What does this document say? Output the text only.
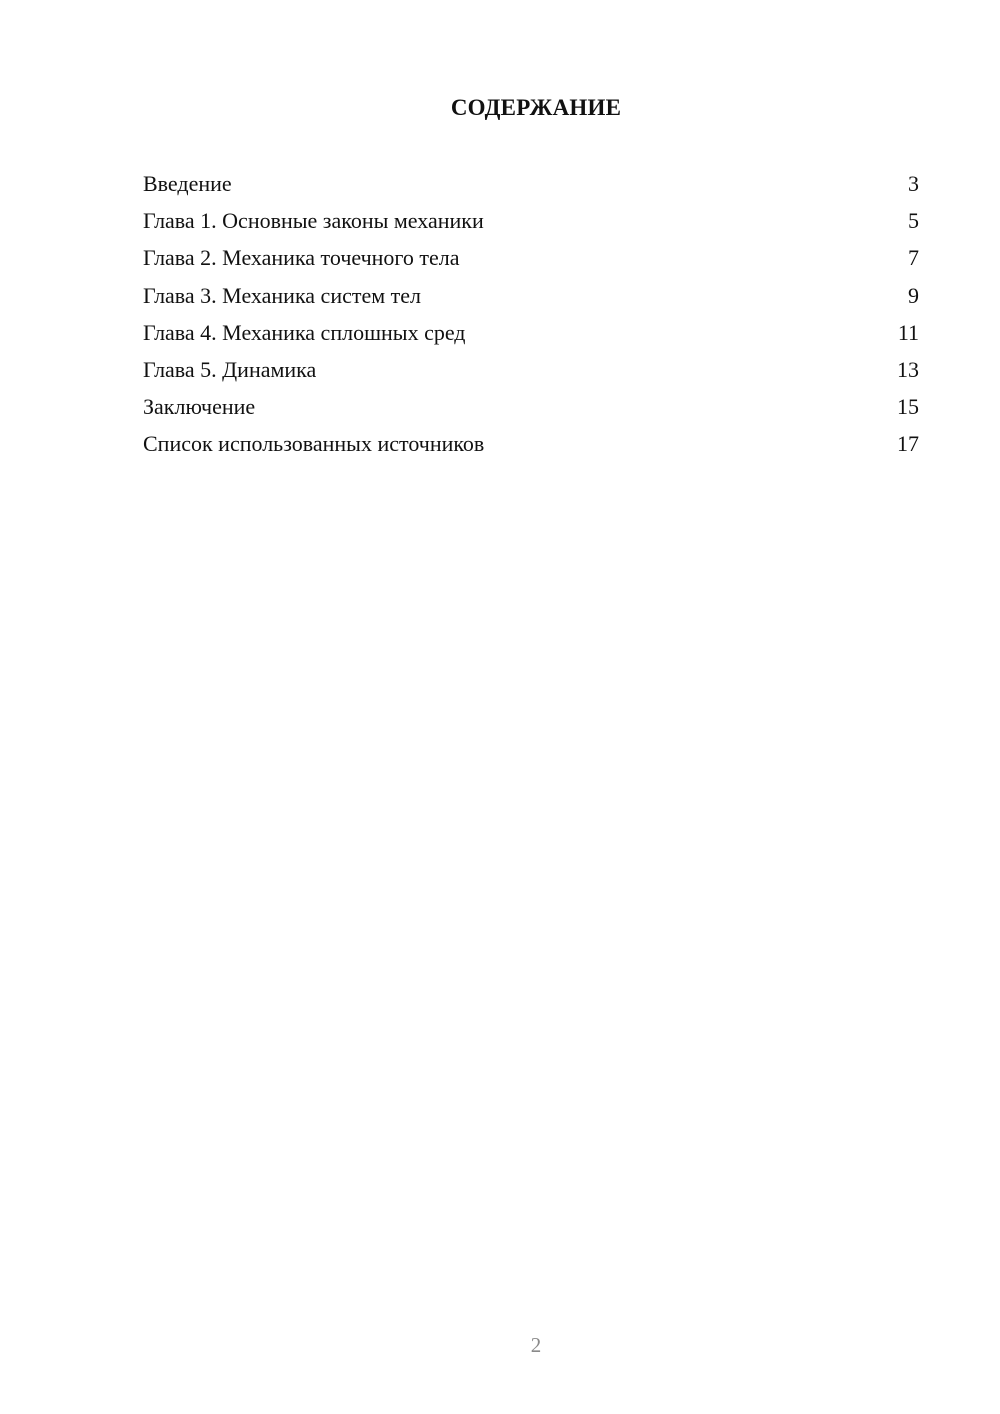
СОДЕРЖАНИЕ
Введение	3
Глава 1. Основные законы механики	5
Глава 2. Механика точечного тела	7
Глава 3. Механика систем тел	9
Глава 4. Механика сплошных сред	11
Глава 5. Динамика	13
Заключение	15
Список использованных источников	17
2
